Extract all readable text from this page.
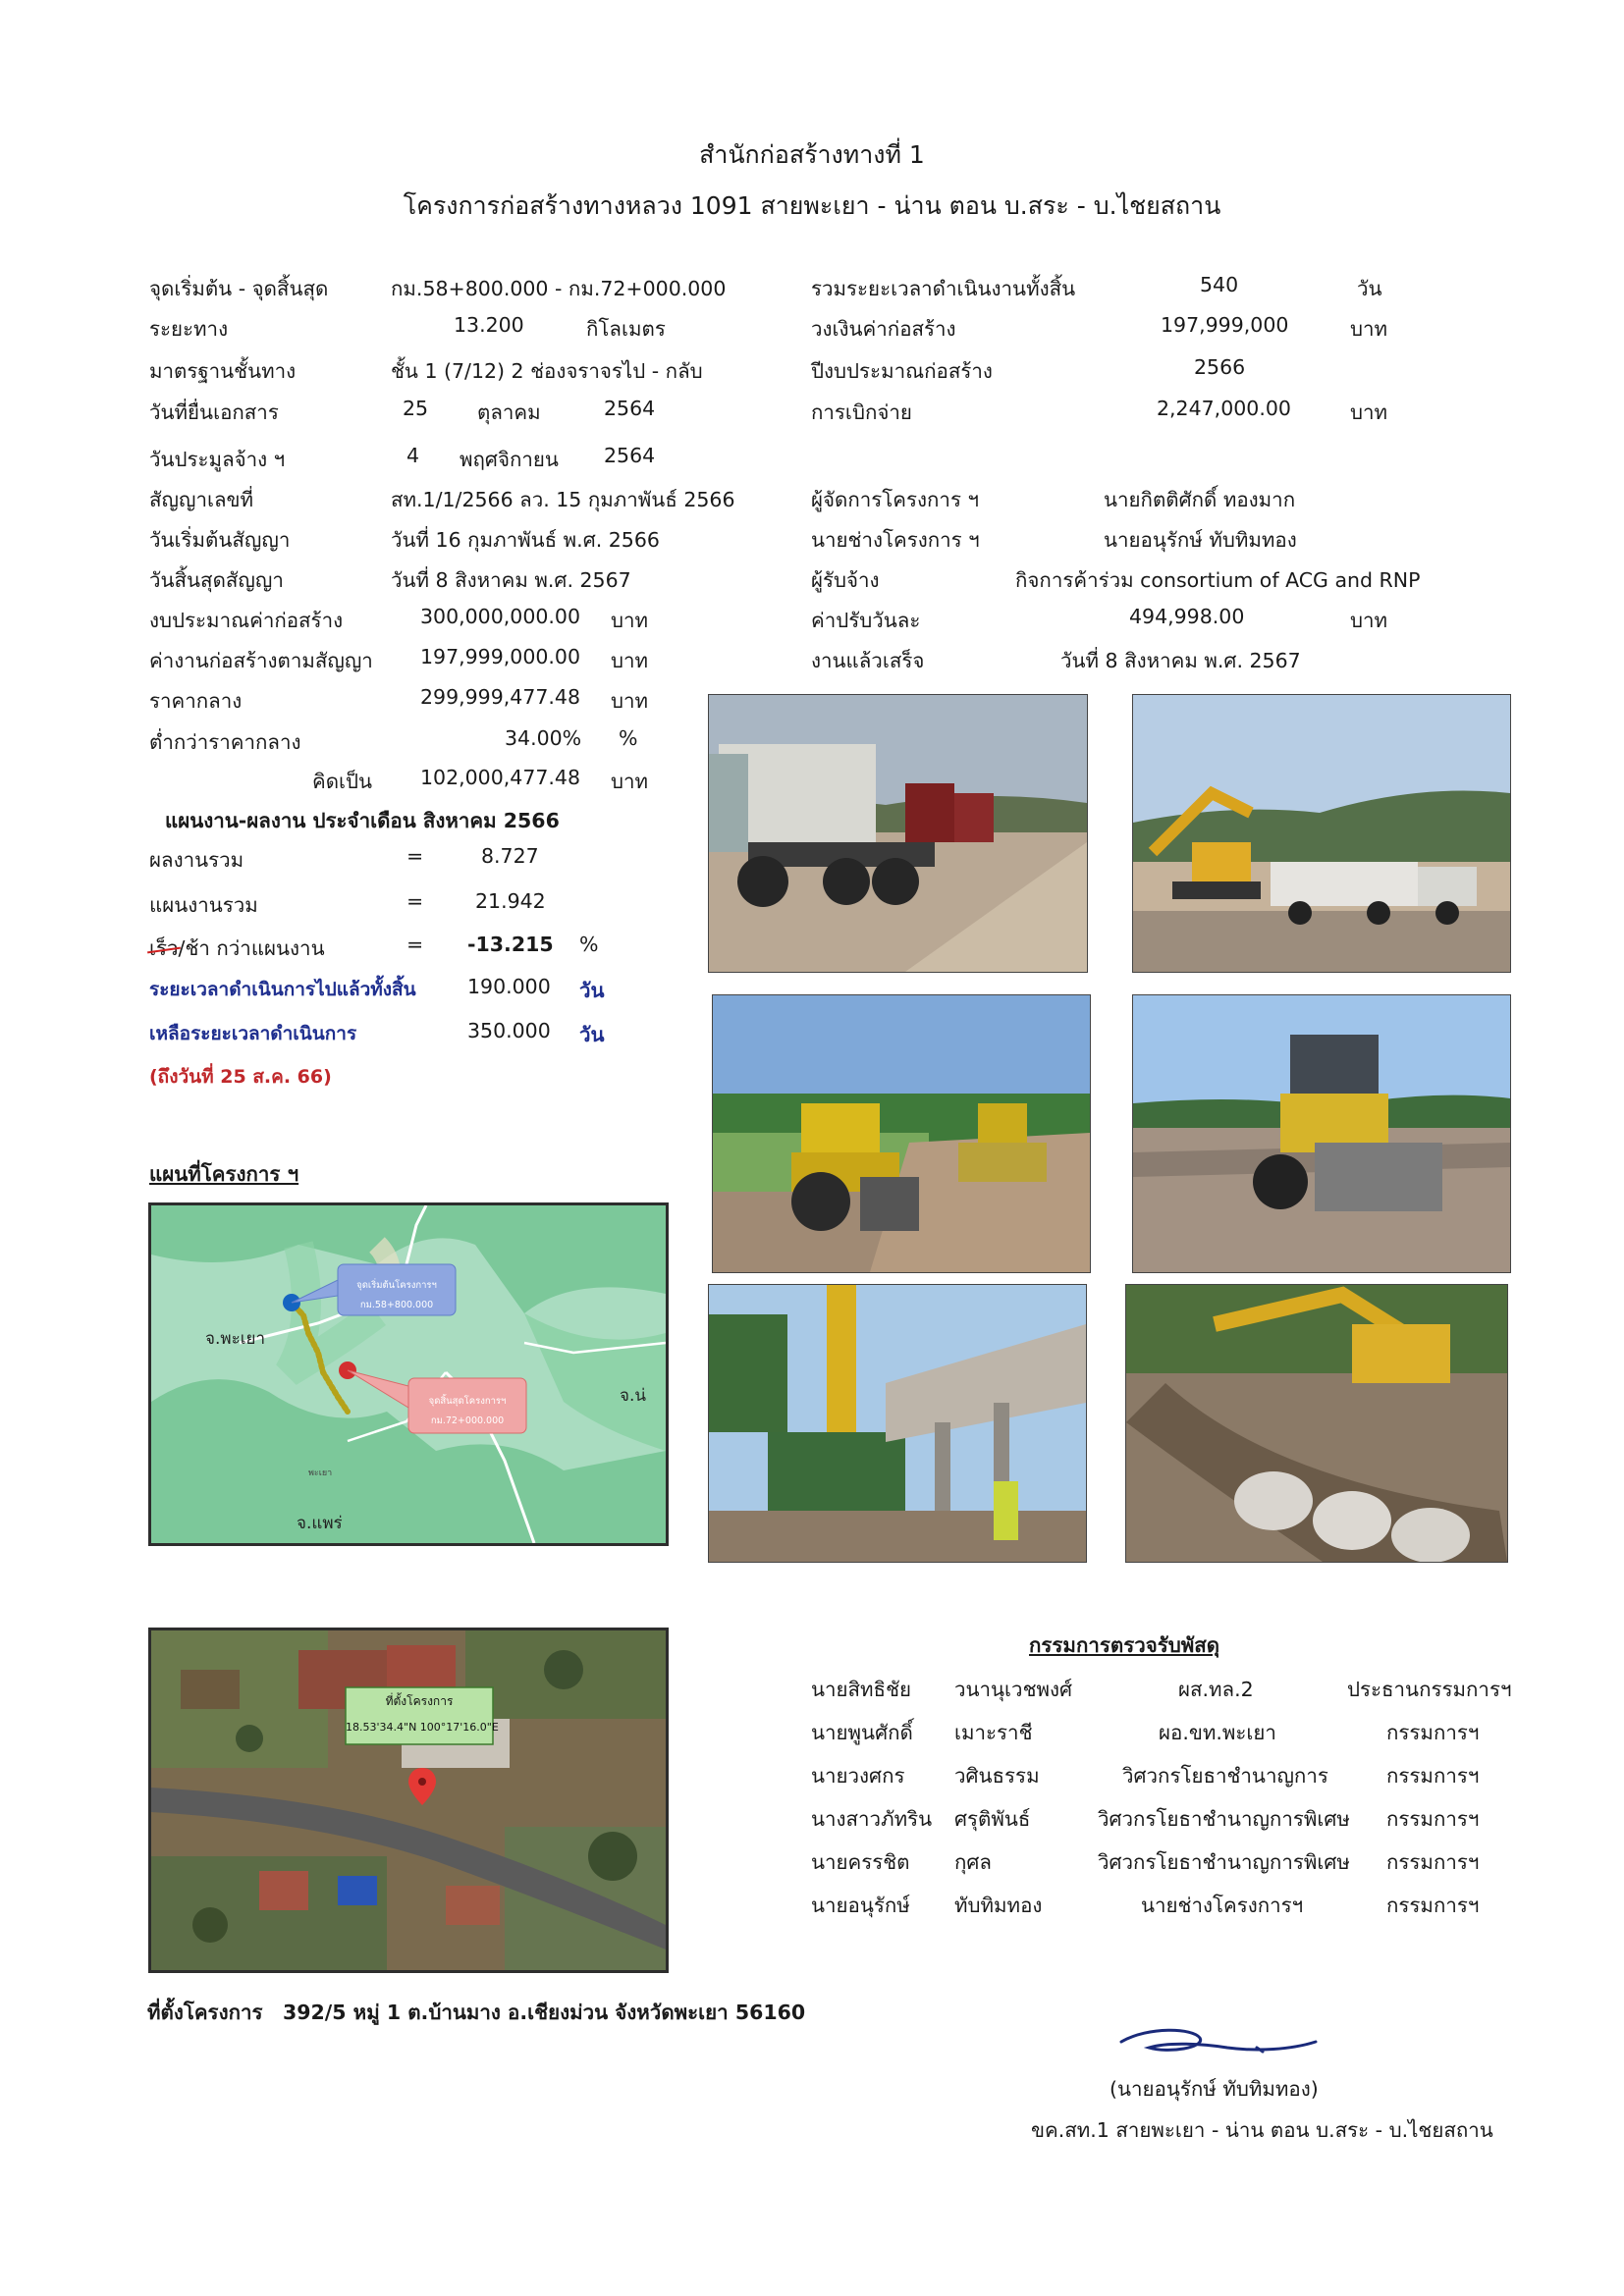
สำนักก่อสร้างทางที่ 1
โครงการก่อสร้างทางหลวง 1091 สายพะเยา - น่าน ตอน บ.สระ - บ.ไชยสถาน
จุดเริ่มต้น - จุดสิ้นสุด	กม.58+800.000 - กม.72+000.000
ระยะทาง	13.200	กิโลเมตร
มาตรฐานชั้นทาง	ชั้น 1 (7/12) 2 ช่องจราจรไป - กลับ
วันที่ยื่นเอกสาร	25 ตุลาคม	2564
วันประมูลจ้าง ฯ	4 พฤศจิกายน 2564
สัญญาเลขที่	สท.1/1/2566 ลว. 15 กุมภาพันธ์ 2566
วันเริ่มต้นสัญญา	วันที่ 16 กุมภาพันธ์ พ.ศ. 2566
วันสิ้นสุดสัญญา	วันที่ 8 สิงหาคม พ.ศ. 2567
งบประมาณค่าก่อสร้าง	300,000,000.00 บาท
ค่างานก่อสร้างตามสัญญา 197,999,000.00 บาท
ราคากลาง	299,999,477.48 บาท
ต่ำกว่าราคากลาง	34.00% %
คิดเป็น 102,000,477.48 บาท
รวมระยะเวลาดำเนินงานทั้งสิ้น	540	วัน
วงเงินค่าก่อสร้าง	197,999,000	บาท
ปีงบประมาณก่อสร้าง	2566
การเบิกจ่าย	2,247,000.00	บาท
ผู้จัดการโครงการ ฯ	นายกิตติศักดิ์ ทองมาก
นายช่างโครงการ ฯ	นายอนุรักษ์ ทับทิมทอง
ผู้รับจ้าง	กิจการค้าร่วม consortium of ACG and RNP
ค่าปรับวันละ	494,998.00	บาท
งานแล้วเสร็จ	วันที่ 8 สิงหาคม พ.ศ. 2567
แผนงาน-ผลงาน ประจำเดือน สิงหาคม 2566
ผลงานรวม	=	8.727
แผนงานรวม	=	21.942
เร็ว/ช้า กว่าแผนงาน	= -13.215 %
ระยะเวลาดำเนินการไปแล้วทั้งสิ้น	190.000 วัน
เหลือระยะเวลาดำเนินการ	350.000 วัน
(ถึงวันที่ 25 ส.ค. 66)
แผนที่โครงการ ฯ
จ.พะเยา
จ.น่
จ.แพร่
พะเยา
จุดเริ่มต้นโครงการฯ
กม.58+800.000
จุดสิ้นสุดโครงการฯ
กม.72+000.000
ที่ตั้งโครงการ
18.53'34.4"N 100°17'16.0"E
ที่ตั้งโครงการ 392/5 หมู่ 1 ต.บ้านมาง อ.เชียงม่วน จังหวัดพะเยา 56160
กรรมการตรวจรับพัสดุ
นายสิทธิชัย วนานุเวชพงศ์	ผส.ทล.2	ประธานกรรมการฯ
นายพูนศักดิ์ เมาะราชี	ผอ.ขท.พะเยา	กรรมการฯ
นายวงศกร วศินธรรม	วิศวกรโยธาชำนาญการ	กรรมการฯ
นางสาวภัทริน ศรุติพันธ์	วิศวกรโยธาชำนาญการพิเศษ กรรมการฯ
นายครรชิต กุศล	วิศวกรโยธาชำนาญการพิเศษ กรรมการฯ
นายอนุรักษ์ ทับทิมทอง	นายช่างโครงการฯ	กรรมการฯ
(นายอนุรักษ์ ทับทิมทอง)
ขค.สท.1 สายพะเยา - น่าน ตอน บ.สระ - บ.ไชยสถาน
